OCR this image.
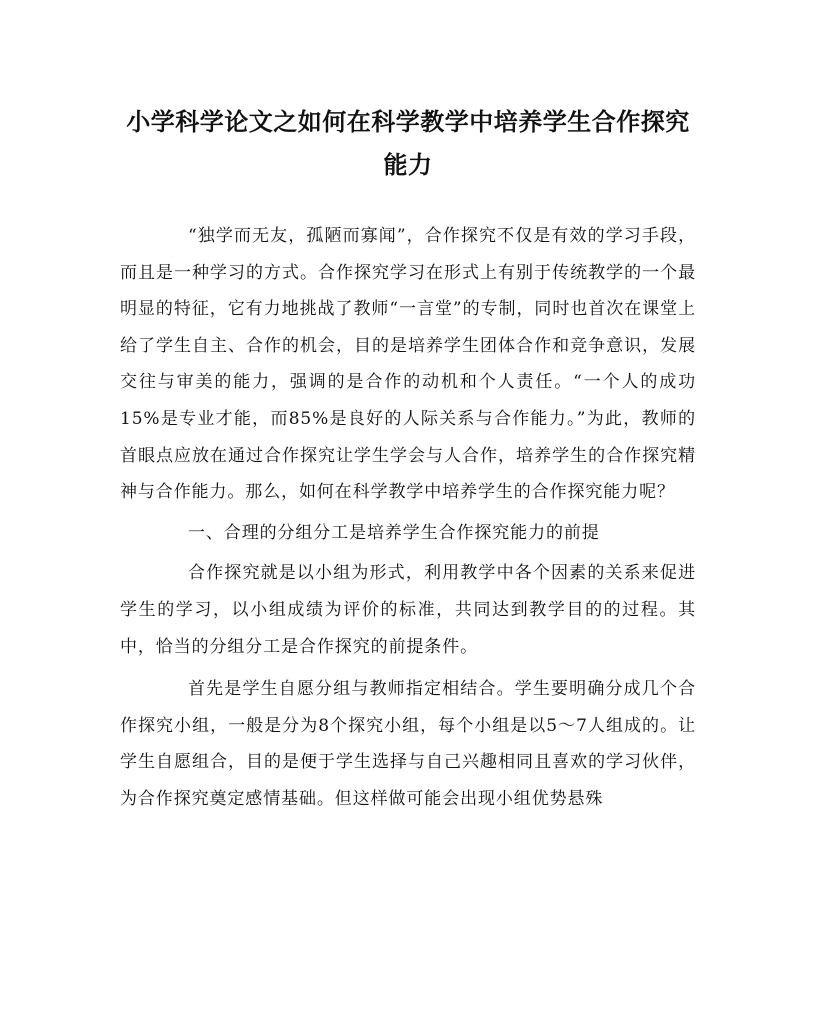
小学科学论文之如何在科学教学中培养学生合作探究能力

“独学而无友，孤陋而寡闻”，合作探究不仅是有效的学习手段，而且是一种学习的方式。合作探究学习在形式上有别于传统教学的一个最明显的特征，它有力地挑战了教师“一言堂”的专制，同时也首次在课堂上给了学生自主、合作的机会，目的是培养学生团体合作和竞争意识，发展交往与审美的能力，强调的是合作的动机和个人责任。“一个人的成功15%是专业才能，而85%是良好的人际关系与合作能力。”为此，教师的首眼点应放在通过合作探究让学生学会与人合作，培养学生的合作探究精神与合作能力。那么，如何在科学教学中培养学生的合作探究能力呢？

一、合理的分组分工是培养学生合作探究能力的前提

合作探究就是以小组为形式，利用教学中各个因素的关系来促进学生的学习，以小组成绩为评价的标准，共同达到教学目的的过程。其中，恰当的分组分工是合作探究的前提条件。

首先是学生自愿分组与教师指定相结合。学生要明确分成几个合作探究小组，一般是分为8个探究小组，每个小组是以5～7人组成的。让学生自愿组合，目的是便于学生选择与自己兴趣相同且喜欢的学习伙伴，为合作探究奠定感情基础。但这样做可能会出现小组优势悬殊
